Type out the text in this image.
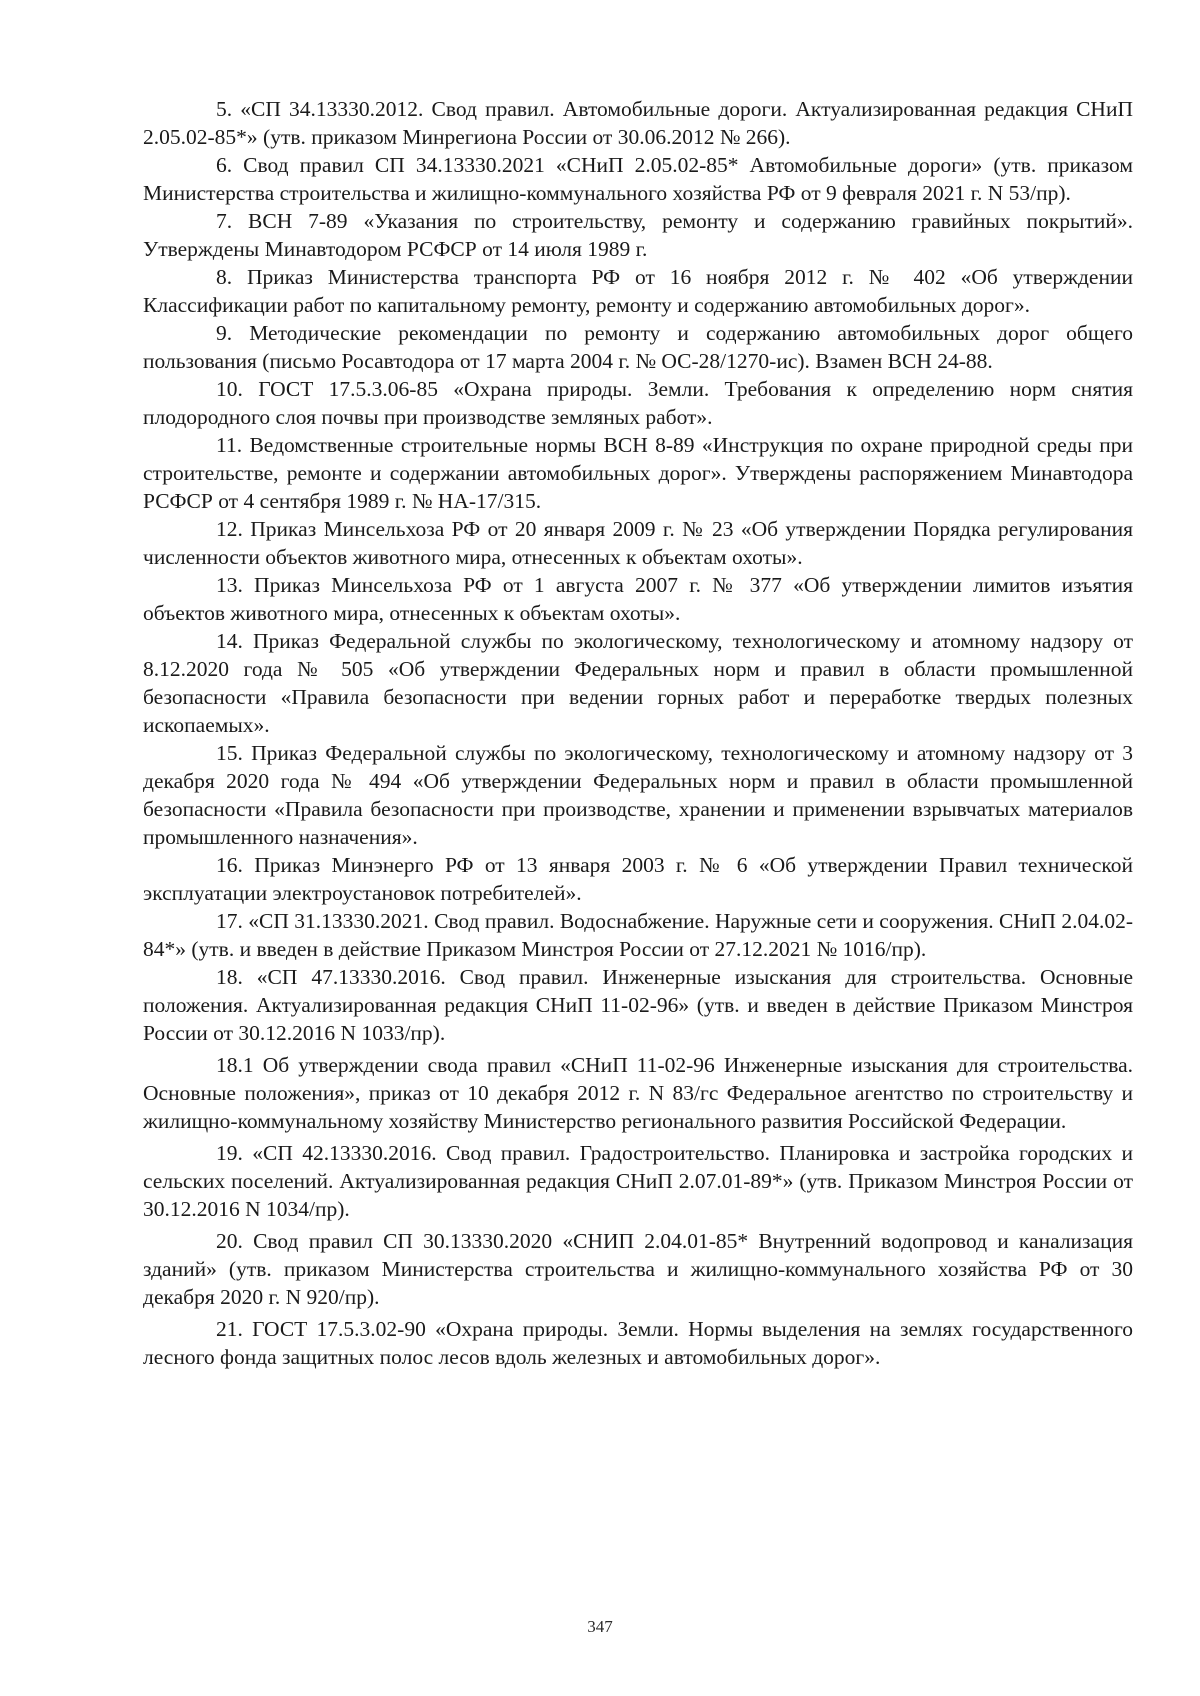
5. «СП 34.13330.2012. Свод правил. Автомобильные дороги. Актуализированная редакция СНиП 2.05.02-85*» (утв. приказом Минрегиона России от 30.06.2012 № 266).

6. Свод правил СП 34.13330.2021 «СНиП 2.05.02-85* Автомобильные дороги» (утв. приказом Министерства строительства и жилищно-коммунального хозяйства РФ от 9 февраля 2021 г. N 53/пр).

7. ВСН 7-89 «Указания по строительству, ремонту и содержанию гравийных покрытий». Утверждены Минавтодором РСФСР от 14 июля 1989 г.

8. Приказ Министерства транспорта РФ от 16 ноября 2012 г. № 402 «Об утверждении Классификации работ по капитальному ремонту, ремонту и содержанию автомобильных дорог».

9. Методические рекомендации по ремонту и содержанию автомобильных дорог общего пользования (письмо Росавтодора от 17 марта 2004 г. № ОС-28/1270-ис). Взамен ВСН 24-88.

10. ГОСТ 17.5.3.06-85 «Охрана природы. Земли. Требования к определению норм снятия плодородного слоя почвы при производстве земляных работ».

11. Ведомственные строительные нормы ВСН 8-89 «Инструкция по охране природной среды при строительстве, ремонте и содержании автомобильных дорог». Утверждены распоряжением Минавтодора РСФСР от 4 сентября 1989 г. № НА-17/315.

12. Приказ Минсельхоза РФ от 20 января 2009 г. № 23 «Об утверждении Порядка регулирования численности объектов животного мира, отнесенных к объектам охоты».

13. Приказ Минсельхоза РФ от 1 августа 2007 г. № 377 «Об утверждении лимитов изъятия объектов животного мира, отнесенных к объектам охоты».

14. Приказ Федеральной службы по экологическому, технологическому и атомному надзору от 8.12.2020 года № 505 «Об утверждении Федеральных норм и правил в области промышленной безопасности «Правила безопасности при ведении горных работ и переработке твердых полезных ископаемых».

15. Приказ Федеральной службы по экологическому, технологическому и атомному надзору от 3 декабря 2020 года № 494 «Об утверждении Федеральных норм и правил в области промышленной безопасности «Правила безопасности при производстве, хранении и применении взрывчатых материалов промышленного назначения».

16. Приказ Минэнерго РФ от 13 января 2003 г. № 6 «Об утверждении Правил технической эксплуатации электроустановок потребителей».

17. «СП 31.13330.2021. Свод правил. Водоснабжение. Наружные сети и сооружения. СНиП 2.04.02-84*» (утв. и введен в действие Приказом Минстроя России от 27.12.2021 № 1016/пр).

18. «СП 47.13330.2016. Свод правил. Инженерные изыскания для строительства. Основные положения. Актуализированная редакция СНиП 11-02-96» (утв. и введен в действие Приказом Минстроя России от 30.12.2016 N 1033/пр).

18.1 Об утверждении свода правил «СНиП 11-02-96 Инженерные изыскания для строительства. Основные положения», приказ от 10 декабря 2012 г. N 83/гс Федеральное агентство по строительству и жилищно-коммунальному хозяйству Министерство регионального развития Российской Федерации.

19. «СП 42.13330.2016. Свод правил. Градостроительство. Планировка и застройка городских и сельских поселений. Актуализированная редакция СНиП 2.07.01-89*» (утв. Приказом Минстроя России от 30.12.2016 N 1034/пр).

20. Свод правил СП 30.13330.2020 «СНИП 2.04.01-85* Внутренний водопровод и канализация зданий» (утв. приказом Министерства строительства и жилищно-коммунального хозяйства РФ от 30 декабря 2020 г. N 920/пр).

21. ГОСТ 17.5.3.02-90 «Охрана природы. Земли. Нормы выделения на землях государственного лесного фонда защитных полос лесов вдоль железных и автомобильных дорог».

347
